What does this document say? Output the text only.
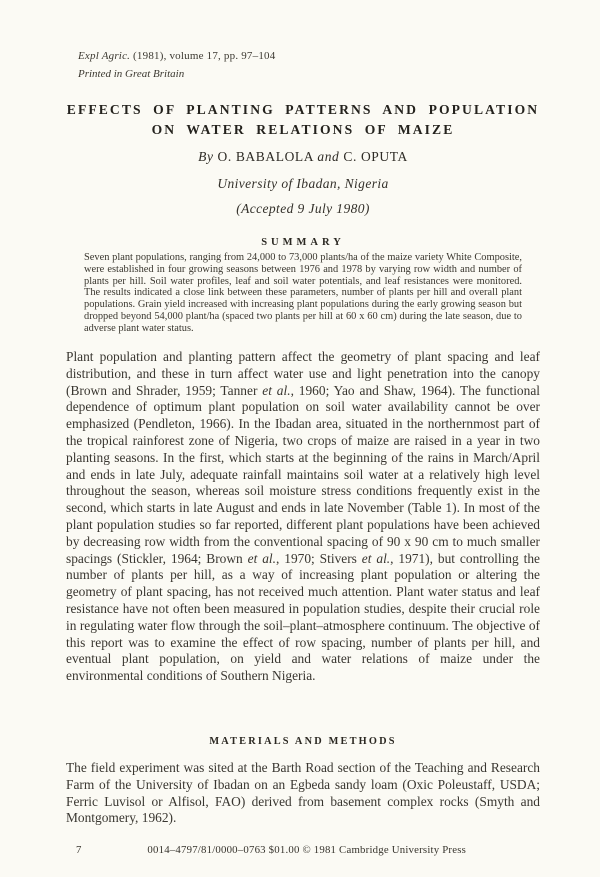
Expl Agric. (1981), volume 17, pp. 97–104
Printed in Great Britain
EFFECTS OF PLANTING PATTERNS AND POPULATION
ON WATER RELATIONS OF MAIZE
By O. BABALOLA and C. OPUTA
University of Ibadan, Nigeria
(Accepted 9 July 1980)
SUMMARY
Seven plant populations, ranging from 24,000 to 73,000 plants/ha of the maize variety White Composite, were established in four growing seasons between 1976 and 1978 by varying row width and number of plants per hill. Soil water profiles, leaf and soil water potentials, and leaf resistances were monitored. The results indicated a close link between these parameters, number of plants per hill and overall plant populations. Grain yield increased with increasing plant populations during the early growing season but dropped beyond 54,000 plant/ha (spaced two plants per hill at 60 x 60 cm) during the late season, due to adverse plant water status.
Plant population and planting pattern affect the geometry of plant spacing and leaf distribution, and these in turn affect water use and light penetration into the canopy (Brown and Shrader, 1959; Tanner et al., 1960; Yao and Shaw, 1964). The functional dependence of optimum plant population on soil water availability cannot be over emphasized (Pendleton, 1966). In the Ibadan area, situated in the northernmost part of the tropical rainforest zone of Nigeria, two crops of maize are raised in a year in two planting seasons. In the first, which starts at the beginning of the rains in March/April and ends in late July, adequate rainfall maintains soil water at a relatively high level throughout the season, whereas soil moisture stress conditions frequently exist in the second, which starts in late August and ends in late November (Table 1). In most of the plant population studies so far reported, different plant populations have been achieved by decreasing row width from the conventional spacing of 90 x 90 cm to much smaller spacings (Stickler, 1964; Brown et al., 1970; Stivers et al., 1971), but controlling the number of plants per hill, as a way of increasing plant population or altering the geometry of plant spacing, has not received much attention. Plant water status and leaf resistance have not often been measured in population studies, despite their crucial role in regulating water flow through the soil–plant–atmosphere continuum. The objective of this report was to examine the effect of row spacing, number of plants per hill, and eventual plant population, on yield and water relations of maize under the environmental conditions of Southern Nigeria.
MATERIALS AND METHODS
The field experiment was sited at the Barth Road section of the Teaching and Research Farm of the University of Ibadan on an Egbeda sandy loam (Oxic Poleustaff, USDA; Ferric Luvisol or Alfisol, FAO) derived from basement complex rocks (Smyth and Montgomery, 1962).
7	0014–4797/81/0000–0763 $01.00 © 1981 Cambridge University Press
